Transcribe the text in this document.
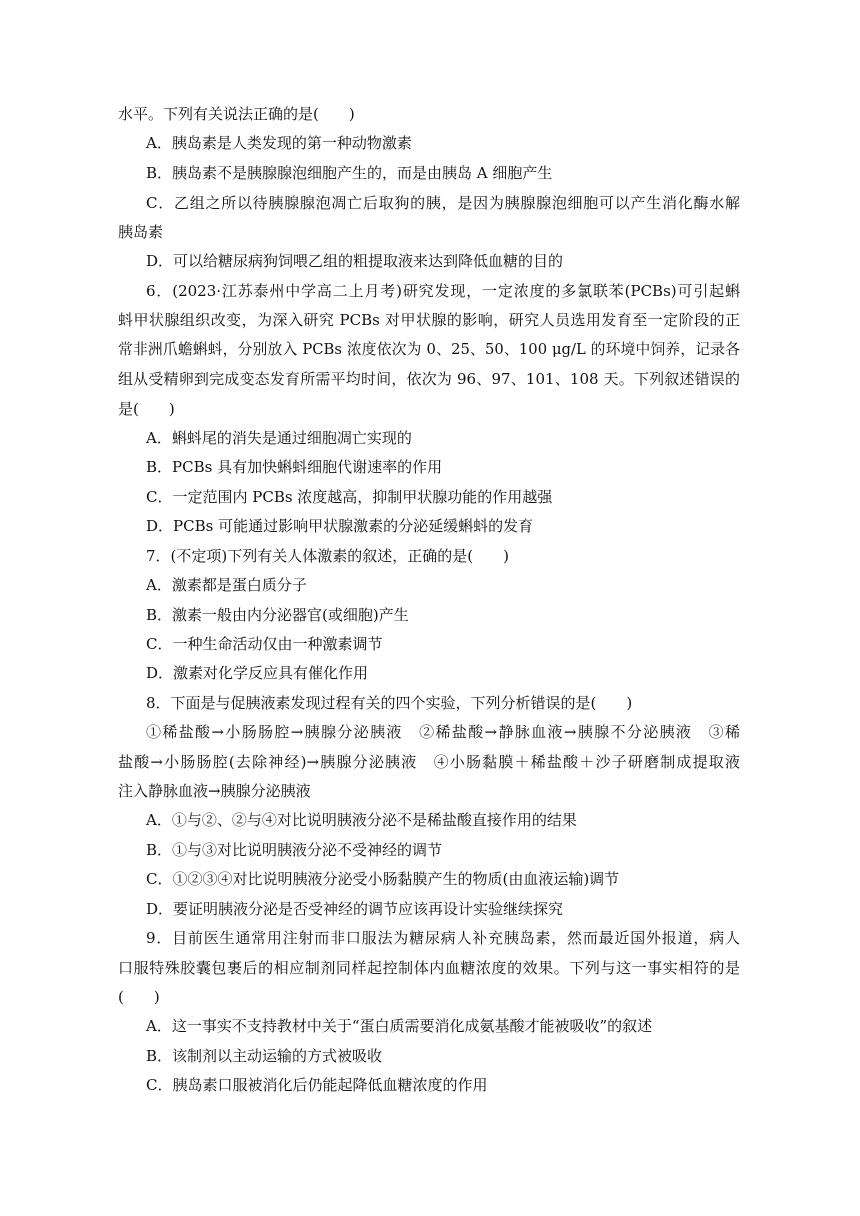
水平。下列有关说法正确的是(　　)

A．胰岛素是人类发现的第一种动物激素

B．胰岛素不是胰腺腺泡细胞产生的，而是由胰岛 A 细胞产生

C．乙组之所以待胰腺腺泡凋亡后取狗的胰，是因为胰腺腺泡细胞可以产生消化酶水解

胰岛素

D．可以给糖尿病狗饲喂乙组的粗提取液来达到降低血糖的目的

6．(2023·江苏泰州中学高二上月考)研究发现，一定浓度的多氯联苯(PCBs)可引起蝌

蚪甲状腺组织改变，为深入研究 PCBs 对甲状腺的影响，研究人员选用发育至一定阶段的正

常非洲爪蟾蝌蚪，分别放入 PCBs 浓度依次为 0、25、50、100 μg/L 的环境中饲养，记录各

组从受精卵到完成变态发育所需平均时间，依次为 96、97、101、108 天。下列叙述错误的

是(　　)

A．蝌蚪尾的消失是通过细胞凋亡实现的

B．PCBs 具有加快蝌蚪细胞代谢速率的作用

C．一定范围内 PCBs 浓度越高，抑制甲状腺功能的作用越强

D．PCBs 可能通过影响甲状腺激素的分泌延缓蝌蚪的发育

7．(不定项)下列有关人体激素的叙述，正确的是(　　)

A．激素都是蛋白质分子

B．激素一般由内分泌器官(或细胞)产生

C．一种生命活动仅由一种激素调节

D．激素对化学反应具有催化作用

8．下面是与促胰液素发现过程有关的四个实验，下列分析错误的是(　　)

①稀盐酸→小肠肠腔→胰腺分泌胰液　②稀盐酸→静脉血液→胰腺不分泌胰液　③稀

盐酸→小肠肠腔(去除神经)→胰腺分泌胰液　④小肠黏膜＋稀盐酸＋沙子研磨制成提取液

注入静脉血液→胰腺分泌胰液

A．①与②、②与④对比说明胰液分泌不是稀盐酸直接作用的结果

B．①与③对比说明胰液分泌不受神经的调节

C．①②③④对比说明胰液分泌受小肠黏膜产生的物质(由血液运输)调节

D．要证明胰液分泌是否受神经的调节应该再设计实验继续探究

9．目前医生通常用注射而非口服法为糖尿病人补充胰岛素，然而最近国外报道，病人

口服特殊胶囊包裹后的相应制剂同样起控制体内血糖浓度的效果。下列与这一事实相符的是

(　　)

A．这一事实不支持教材中关于“蛋白质需要消化成氨基酸才能被吸收”的叙述

B．该制剂以主动运输的方式被吸收

C．胰岛素口服被消化后仍能起降低血糖浓度的作用
